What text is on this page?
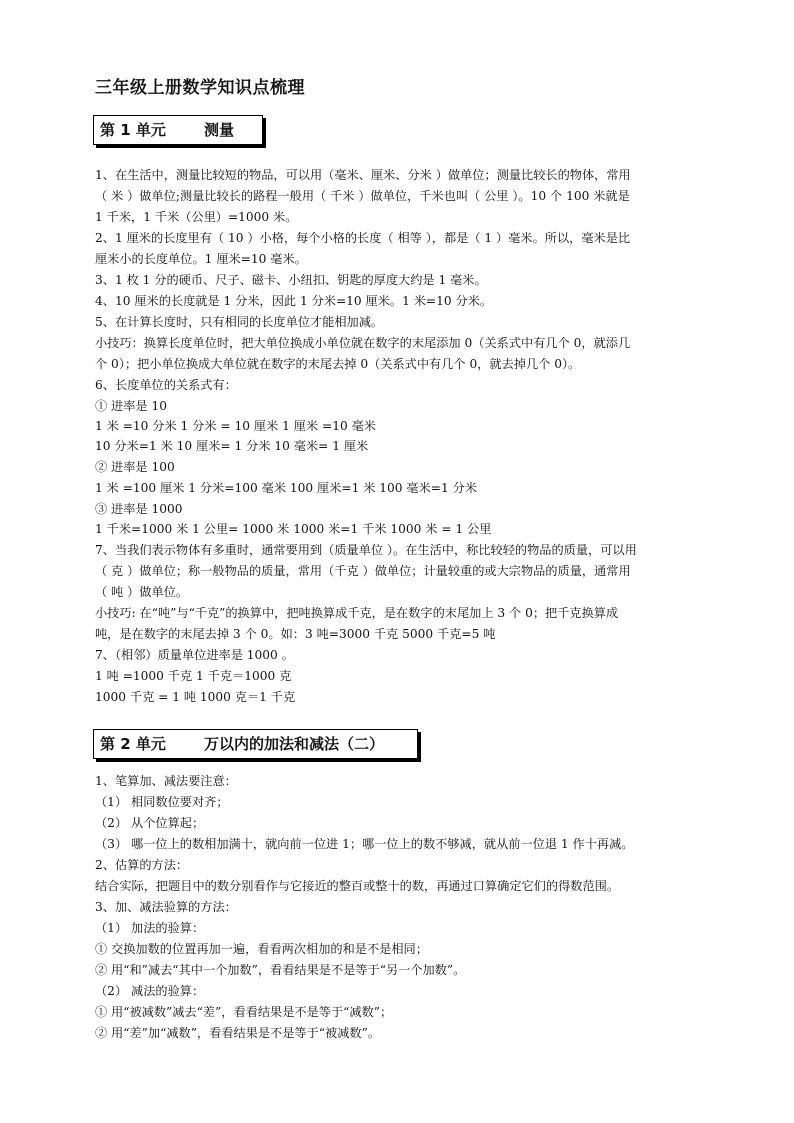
三年级上册数学知识点梳理
第 1 单元	测量
1、在生活中，测量比较短的物品，可以用（毫米、厘米、分米 ）做单位；测量比较长的物体，常用
（ 米 ）做单位;测量比较长的路程一般用（ 千米 ）做单位，千米也叫（ 公里 ）。10 个 100 米就是
1 千米，1 千米（公里）=1000 米。
2、1 厘米的长度里有（ 10 ）小格，每个小格的长度（ 相等 ），都是（ 1 ）毫米。所以，毫米是比
厘米小的长度单位。1 厘米=10 毫米。
3、1 枚 1 分的硬币、尺子、磁卡、小纽扣、钥匙的厚度大约是 1 毫米。
4、10 厘米的长度就是 1 分米，因此 1 分米=10 厘米。1 米=10 分米。
5、在计算长度时，只有相同的长度单位才能相加减。
小技巧：换算长度单位时，把大单位换成小单位就在数字的末尾添加 0（关系式中有几个 0，就添几
个 0）；把小单位换成大单位就在数字的末尾去掉 0（关系式中有几个 0，就去掉几个 0）。
6、长度单位的关系式有：
① 进率是 10
1 米 =10 分米 1 分米 = 10 厘米 1 厘米 =10 毫米
10 分米=1 米 10 厘米= 1 分米 10 毫米= 1 厘米
② 进率是 100
1 米 =100 厘米 1 分米=100 毫米 100 厘米=1 米 100 毫米=1 分米
③ 进率是 1000
1 千米=1000 米 1 公里= 1000 米 1000 米=1 千米 1000 米 = 1 公里
7、当我们表示物体有多重时，通常要用到（质量单位 ）。在生活中，称比较轻的物品的质量，可以用
（ 克 ）做单位；称一般物品的质量，常用（千克 ）做单位；计量较重的或大宗物品的质量，通常用
（ 吨 ）做单位。
小技巧: 在“吨”与“千克”的换算中，把吨换算成千克，是在数字的末尾加上 3 个 0；把千克换算成
吨，是在数字的末尾去掉 3 个 0。如：3 吨=3000 千克 5000 千克=5 吨
7、（相邻）质量单位进率是 1000 。
1 吨 =1000 千克 1 千克＝1000 克
1000 千克 = 1 吨 1000 克＝1 千克
第 2 单元	万以内的加法和减法（二）
1、笔算加、减法要注意：
（1） 相同数位要对齐；
（2） 从个位算起；
（3） 哪一位上的数相加满十，就向前一位进 1；哪一位上的数不够减，就从前一位退 1 作十再减。
2、估算的方法：
结合实际，把题目中的数分别看作与它接近的整百或整十的数，再通过口算确定它们的得数范围。
3、加、减法验算的方法：
（1） 加法的验算：
① 交换加数的位置再加一遍，看看两次相加的和是不是相同；
② 用“和”减去“其中一个加数”，看看结果是不是等于“另一个加数”。
（2） 减法的验算：
① 用“被减数”减去“差”，看看结果是不是等于“减数”；
② 用“差”加“减数”，看看结果是不是等于“被减数”。
